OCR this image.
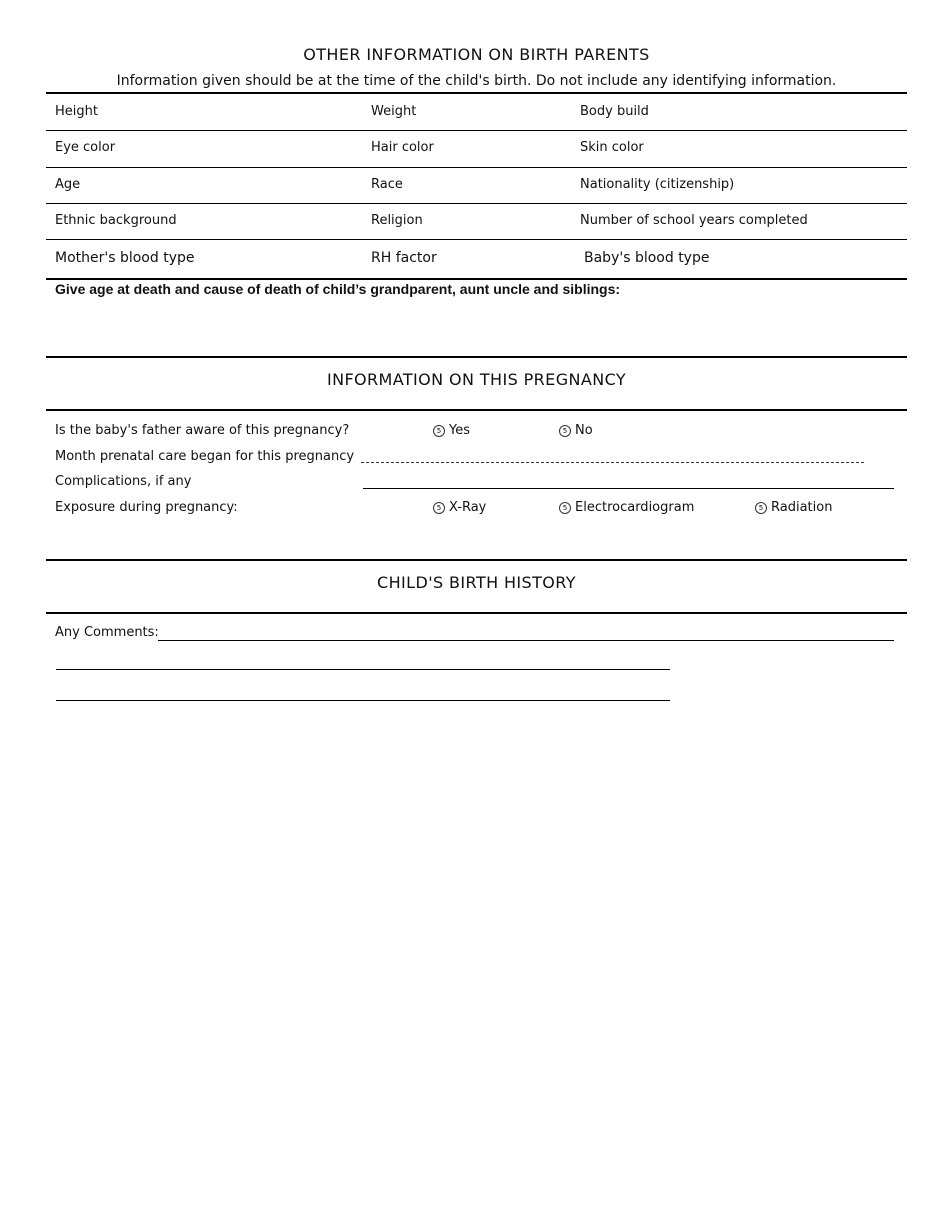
OTHER INFORMATION ON BIRTH PARENTS
Information given should be at the time of the child's birth. Do not include any identifying information.
Height	Weight	Body build
Eye color	Hair color	Skin color
Age	Race	Nationality (citizenship)
Ethnic background	Religion	Number of school years completed
Mother's blood type	RH factor	Baby's blood type
Give age at death and cause of death of child’s grandparent, aunt uncle and siblings:
INFORMATION ON THIS PREGNANCY
Is the baby's father aware of this pregnancy?	5 Yes	5 No
Month prenatal care began for this pregnancy
Complications, if any
Exposure during pregnancy:	5 X-Ray	5 Electrocardiogram	5 Radiation
CHILD'S BIRTH HISTORY
Any Comments:
